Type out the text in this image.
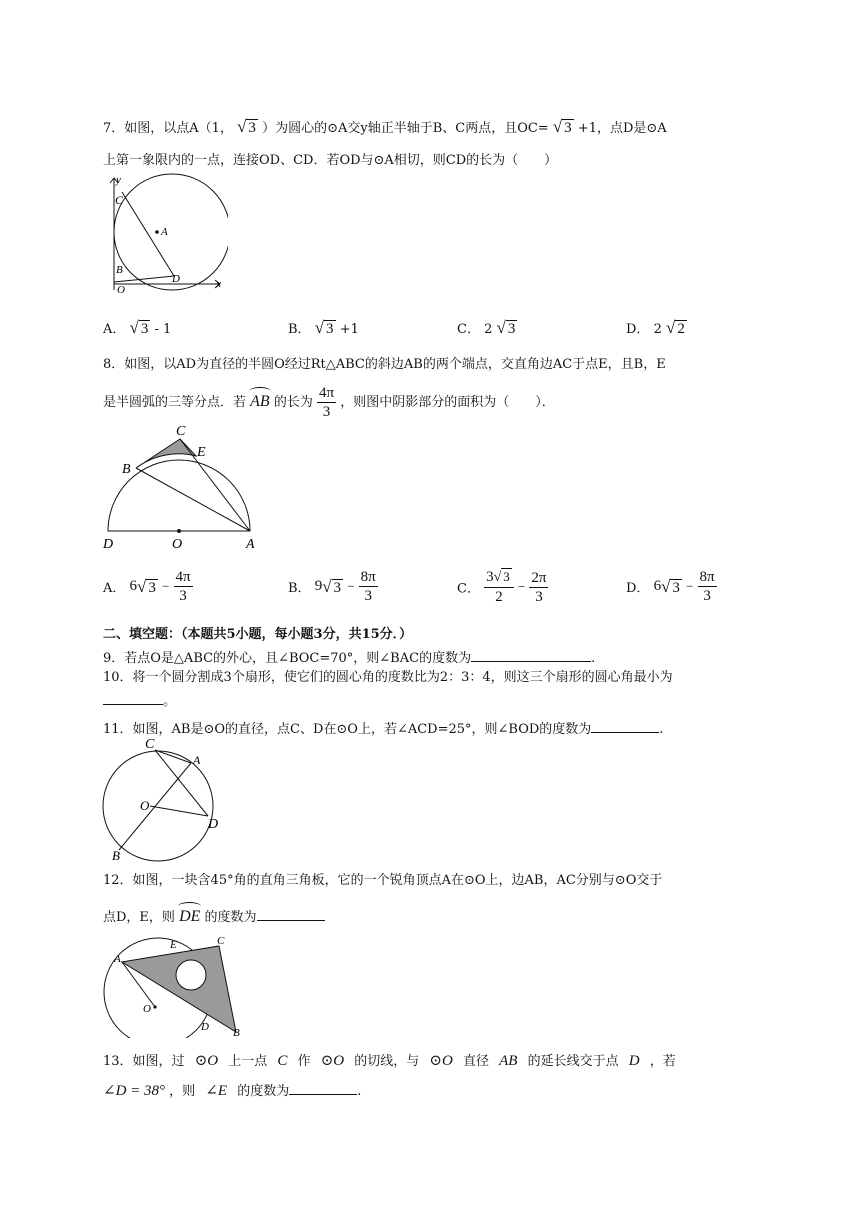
7．如图，以点A（1， √ 3 ）为圆心的⊙A交y轴正半轴于B、C两点，且OC= √ 3 +1，点D是⊙A
上第一象限内的一点，连接OD、CD．若OD与⊙A相切，则CD的长为（　　）
y
x
C
A
B
O
D
A． √ 3 - 1	B． √ 3 +1	C． 2 √ 3	D． 2 √ 2
8．如图，以AD为直径的半圆O经过Rt△ABC的斜边AB的两个端点，交直角边AC于点E，且B，E
是半圆弧的三等分点．若 AB 的长为 $\frac{4\pi}{3}$ ，则图中阴影部分的面积为（　　）．
C
E
B
D	O	A
A． 6√ $3 - \frac{4\pi}{3}$	B． 9√ $3 - \frac{8\pi}{3}$	C． $\frac{3√ 3}{2} - \frac{2\pi}{3}$	D． 6√ $3 - \frac{8\pi}{3}$
二、填空题：（本题共5小题，每小题3分，共15分．）
9．若点O是△ABC的外心，且∠BOC=70°，则∠BAC的度数为	.
10．将一个圆分割成3个扇形，使它们的圆心角的度数比为2：3：4，则这三个扇形的圆心角最小为
。
11．如图，AB是⊙O的直径，点C、D在⊙O上，若∠ACD=25°，则∠BOD的度数为	.
C
A
O
D
B
12．如图，一块含45°角的直角三角板，它的一个锐角顶点A在⊙O上，边AB，AC分别与⊙O交于
点D，E，则 DE 的度数为
A
E	C
O
D B
13．如图，过 ⊙O 上一点 C 作 ⊙O 的切线，与 ⊙O 直径 AB 的延长线交于点 D ，若
∠D = 38° ，则 ∠E 的度数为	.
